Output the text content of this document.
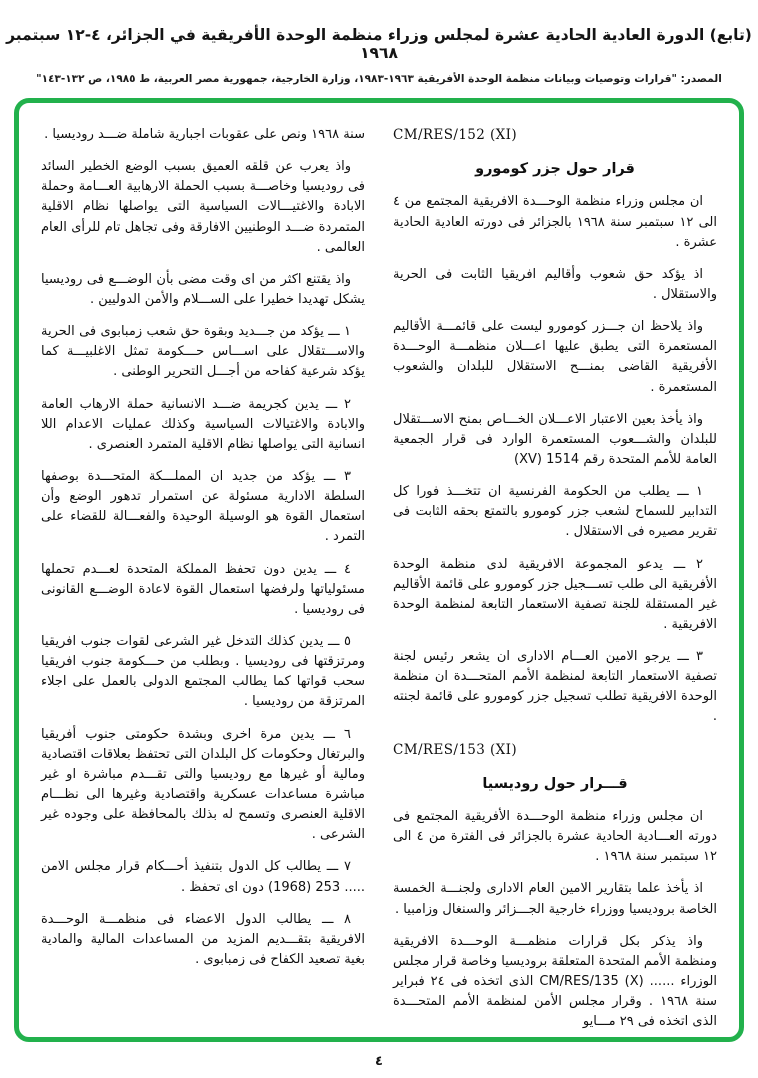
(تابع) الدورة العادية الحادية عشرة لمجلس وزراء منظمة الوحدة الأفريقية في الجزائر، ٤-١٢ سبتمبر ١٩٦٨
المصدر: "قرارات وتوصيات وبيانات منظمة الوحدة الأفريقية ١٩٦٣-١٩٨٣، وزارة الخارجية، جمهورية مصر العربية، ط ١٩٨٥، ص ١٣٢-١٤٣"

CM/RES/152 (XI)

قرار حول جزر كومورو

ان مجلس وزراء منظمة الوحـــدة الافريقية المجتمع من ٤ الى ١٢ سبتمبر سنة ١٩٦٨ بالجزائر فى دورته العادية الحادية عشرة .

اذ يؤكد حق شعوب وأقاليم افريقيا الثابت فى الحرية والاستقلال .

واذ يلاحظ ان جـــزر كومورو ليست على قائمـــة الأقاليم المستعمرة التى يطبق عليها اعـــلان منظمـــة الوحـــدة الأفريقية القاضى بمنـــح الاستقلال للبلدان والشعوب المستعمرة .

واذ يأخذ بعين الاعتبار الاعـــلان الخـــاص بمنح الاســـتقلال للبلدان والشـــعوب المستعمرة الوارد فى قرار الجمعية العامة للأمم المتحدة رقم 1514 (XV)

١ ـــ يطلب من الحكومة الفرنسية ان تتخـــذ فورا كل التدابير للسماح لشعب جزر كومورو بالتمتع بحقه الثابت فى تقرير مصيره فى الاستقلال .

٢ ـــ يدعو المجموعة الافريقية لدى منظمة الوحدة الأفريقية الى طلب تســـجيل جزر كومورو على قائمة الأقاليم غير المستقلة للجنة تصفية الاستعمار التابعة لمنظمة الوحدة الافريقية .

٣ ـــ يرجو الامين العـــام الادارى ان يشعر رئيس لجنة تصفية الاستعمار التابعة لمنظمة الأمم المتحـــدة ان منظمة الوحدة الافريقية تطلب تسجيل جزر كومورو على قائمة لجنته .

CM/RES/153 (XI)

قـــرار حول روديسيا

ان مجلس وزراء منظمة الوحـــدة الأفريقية المجتمع فى دورته العـــادية الحادية عشرة بالجزائر فى الفترة من ٤ الى ١٢ سبتمبر سنة ١٩٦٨ .

اذ يأخذ علما بتقارير الامين العام الادارى ولجنـــة الخمسة الخاصة بروديسيا ووزراء خارجية الجـــزائر والسنغال وزامبيا .

واذ يذكر بكل قرارات منظمـــة الوحـــدة الافريقية ومنظمة الأمم المتحدة المتعلقة بروديسيا وخاصة قرار مجلس الوزراء ...... CM/RES/135 (X) الذى اتخذه فى ٢٤ فبراير سنة ١٩٦٨ . وقرار مجلس الأمن لمنظمة الأمم المتحـــدة الذى اتخذه فى ٢٩ مـــايو

سنة ١٩٦٨ ونص على عقوبات اجبارية شاملة ضـــد روديسيا .

واذ يعرب عن قلقه العميق بسبب الوضع الخطير السائد فى روديسيا وخاصـــة بسبب الحملة الارهابية العـــامة وحملة الابادة والاغتيـــالات السياسية التى يواصلها نظام الاقلية المتمردة ضـــد الوطنيين الافارقة وفى تجاهل تام للرأى العام العالمى .

واذ يقتنع اكثر من اى وقت مضى بأن الوضـــع فى روديسيا يشكل تهديدا خطيرا على الســـلام والأمن الدوليين .

١ ـــ يؤكد من جـــديد وبقوة حق شعب زمبابوى فى الحرية والاســـتقلال على اســـاس حـــكومة تمثل الاغلبيـــة كما يؤكد شرعية كفاحه من أجـــل التحرير الوطنى .

٢ ـــ يدين كجريمة ضـــد الانسانية حملة الارهاب العامة والابادة والاغتيالات السياسية وكذلك عمليات الاعدام اللا انسانية التى يواصلها نظام الاقلية المتمرد العنصرى .

٣ ـــ يؤكد من جديد ان المملـــكة المتحـــدة بوصفها السلطة الادارية مسئولة عن استمرار تدهور الوضع وأن استعمال القوة هو الوسيلة الوحيدة والفعـــالة للقضاء على التمرد .

٤ ـــ يدين دون تحفظ المملكة المتحدة لعـــدم تحملها مسئولياتها ولرفضها استعمال القوة لاعادة الوضـــع القانونى فى روديسيا .

٥ ـــ يدين كذلك التدخل غير الشرعى لقوات جنوب افريقيا ومرتزقتها فى روديسيا . وبطلب من حـــكومة جنوب افريقيا سحب قواتها كما يطالب المجتمع الدولى بالعمل على اجلاء المرتزقة من روديسيا .

٦ ـــ يدين مرة اخرى وبشدة حكومتى جنوب أفريقيا والبرتغال وحكومات كل البلدان التى تحتفظ بعلاقات اقتصادية ومالية أو غيرها مع روديسيا والتى تقـــدم مباشرة او غير مباشرة مساعدات عسكرية واقتصادية وغيرها الى نظـــام الاقلية العنصرى وتسمح له بذلك بالمحافظة على وجوده غير الشرعى .

٧ ـــ يطالب كل الدول بتنفيذ أحـــكام قرار مجلس الامن ..... 253 (1968) دون اى تحفظ .

٨ ـــ يطالب الدول الاعضاء فى منظمـــة الوحـــدة الافريقية بتقـــديم المزيد من المساعدات المالية والمادية بغية تصعيد الكفاح فى زمبابوى .

٤
